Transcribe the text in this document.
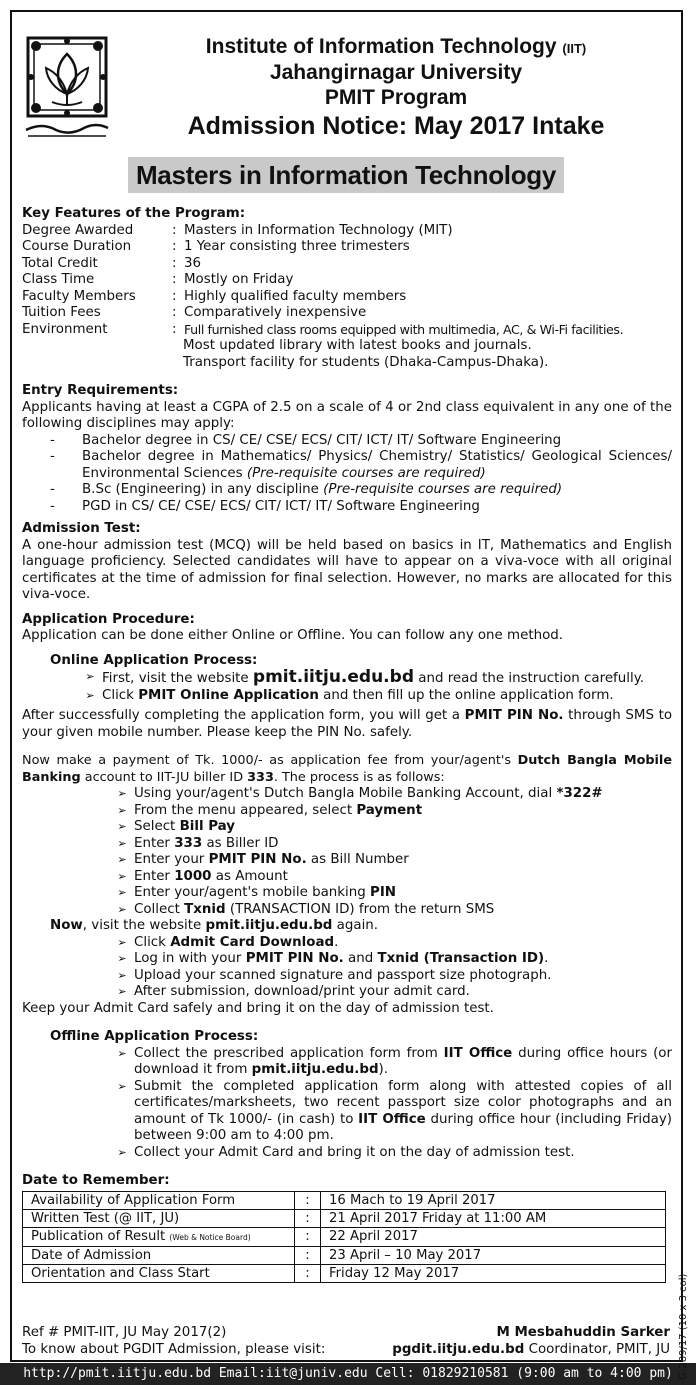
Institute of Information Technology (IIT)
Jahangirnagar University
PMIT Program
Admission Notice: May 2017 Intake
Masters in Information Technology
Key Features of the Program:
Degree Awarded	: Masters in Information Technology (MIT)
Course Duration	: 1 Year consisting three trimesters
Total Credit	: 36
Class Time	: Mostly on Friday
Faculty Members	: Highly qualified faculty members
Tuition Fees	: Comparatively inexpensive
Environment	: Full furnished class rooms equipped with multimedia, AC, & Wi-Fi facilities.
Most updated library with latest books and journals.
Transport facility for students (Dhaka-Campus-Dhaka).
Entry Requirements:
Applicants having at least a CGPA of 2.5 on a scale of 4 or 2nd class equivalent in any one of the following disciplines may apply:
-	Bachelor degree in CS/ CE/ CSE/ ECS/ CIT/ ICT/ IT/ Software Engineering
-	Bachelor degree in Mathematics/ Physics/ Chemistry/ Statistics/ Geological Sciences/ Environmental Sciences (Pre-requisite courses are required)
-	B.Sc (Engineering) in any discipline (Pre-requisite courses are required)
-	PGD in CS/ CE/ CSE/ ECS/ CIT/ ICT/ IT/ Software Engineering
Admission Test:
A one-hour admission test (MCQ) will be held based on basics in IT, Mathematics and English language proficiency. Selected candidates will have to appear on a viva-voce with all original certificates at the time of admission for final selection. However, no marks are allocated for this viva-voce.
Application Procedure:
Application can be done either Online or Offline. You can follow any one method.
Online Application Process:
➢ First, visit the website pmit.iitju.edu.bd and read the instruction carefully.
➢ Click PMIT Online Application and then fill up the online application form.
After successfully completing the application form, you will get a PMIT PIN No. through SMS to your given mobile number. Please keep the PIN No. safely.
Now make a payment of Tk. 1000/- as application fee from your/agent's Dutch Bangla Mobile Banking account to IIT-JU biller ID 333. The process is as follows:
➢ Using your/agent's Dutch Bangla Mobile Banking Account, dial *322#
➢ From the menu appeared, select Payment
➢ Select Bill Pay
➢ Enter 333 as Biller ID
➢ Enter your PMIT PIN No. as Bill Number
➢ Enter 1000 as Amount
➢ Enter your/agent's mobile banking PIN
➢ Collect Txnid (TRANSACTION ID) from the return SMS
Now, visit the website pmit.iitju.edu.bd again.
➢ Click Admit Card Download.
➢ Log in with your PMIT PIN No. and Txnid (Transaction ID).
➢ Upload your scanned signature and passport size photograph.
➢ After submission, download/print your admit card.
Keep your Admit Card safely and bring it on the day of admission test.
Offline Application Process:
➢ Collect the prescribed application form from IIT Office during office hours (or download it from pmit.iitju.edu.bd).
➢ Submit the completed application form along with attested copies of all certificates/marksheets, two recent passport size color photographs and an amount of Tk 1000/- (in cash) to IIT Office during office hour (including Friday) between 9:00 am to 4:00 pm.
➢ Collect your Admit Card and bring it on the day of admission test.
Date to Remember:
Availability of Application Form	:	16 Mach to 19 April 2017
Written Test (@ IIT, JU)	:	21 April 2017 Friday at 11:00 AM
Publication of Result (Web & Notice Board)	:	22 April 2017
Date of Admission	:	23 April – 10 May 2017
Orientation and Class Start	:	Friday 12 May 2017
Ref # PMIT-IIT, JU May 2017(2)	M Mesbahuddin Sarker
To know about PGDIT Admission, please visit:	pgdit.iitju.edu.bd Coordinator, PMIT, JU
http://pmit.iitju.edu.bd Email:iit@juniv.edu Cell: 01829210581 (9:00 am to 4:00 pm) G-289/17 (10 x 3 col)
